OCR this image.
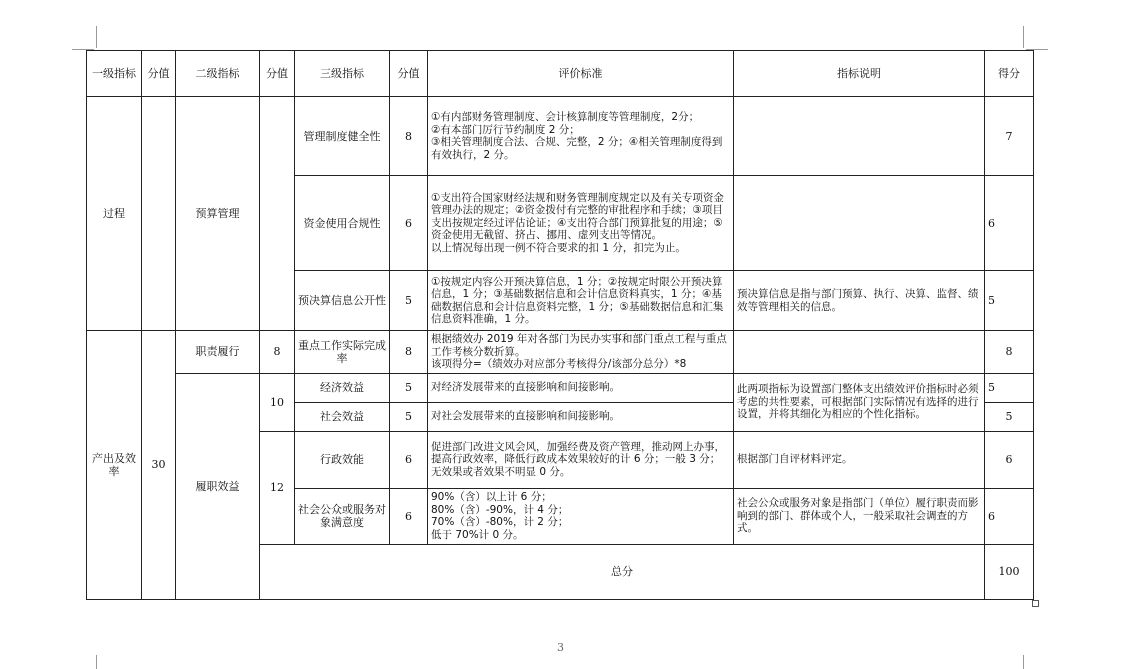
一级指标	分值	二级指标	分值	三级指标	分值	评价标准	指标说明	得分	
过程		预算管理		管理制度健全性	8	①有内部财务管理制度、会计核算制度等管理制度，2分；
②有本部门厉行节约制度 2 分；
③相关管理制度合法、合规、完整，2 分；④相关管理制度得到有效执行，2 分。		7	
				资金使用合规性	6	①支出符合国家财经法规和财务管理制度规定以及有关专项资金管理办法的规定；②资金拨付有完整的审批程序和手续；③项目支出按规定经过评估论证；④支出符合部门预算批复的用途；⑤资金使用无截留、挤占、挪用、虚列支出等情况。
以上情况每出现一例不符合要求的扣 1 分，扣完为止。		6	
				预决算信息公开性	5	①按规定内容公开预决算信息，1 分；②按规定时限公开预决算信息，1 分；③基础数据信息和会计信息资料真实，1 分；④基础数据信息和会计信息资料完整，1 分；⑤基础数据信息和汇集信息资料准确，1 分。	预决算信息是指与部门预算、执行、决算、监督、绩效等管理相关的信息。	5	
产出及效率	30	职责履行	8	重点工作实际完成率	8	根据绩效办 2019 年对各部门为民办实事和部门重点工程与重点工作考核分数折算。
该项得分=（绩效办对应部分考核得分/该部分总分）*8		8	
		履职效益	10	经济效益	5	对经济发展带来的直接影响和间接影响。	此两项指标为设置部门整体支出绩效评价指标时必须考虑的共性要素，可根据部门实际情况有选择的进行设置，并将其细化为相应的个性化指标。	5	
				社会效益	5	对社会发展带来的直接影响和间接影响。		5	
			12	行政效能	6	促进部门改进文风会风，加强经费及资产管理，推动网上办事，提高行政效率，降低行政成本效果较好的计 6 分；一般 3 分；无效果或者效果不明显 0 分。	根据部门自评材料评定。	6	
				社会公众或服务对象满意度	6	90%（含）以上计 6 分；
80%（含）-90%，计 4 分；
70%（含）-80%，计 2 分；
低于 70%计 0 分。	社会公众或服务对象是指部门（单位）履行职责而影响到的部门、群体或个人，一般采取社会调查的方式。	6	
			总分					100			
3
